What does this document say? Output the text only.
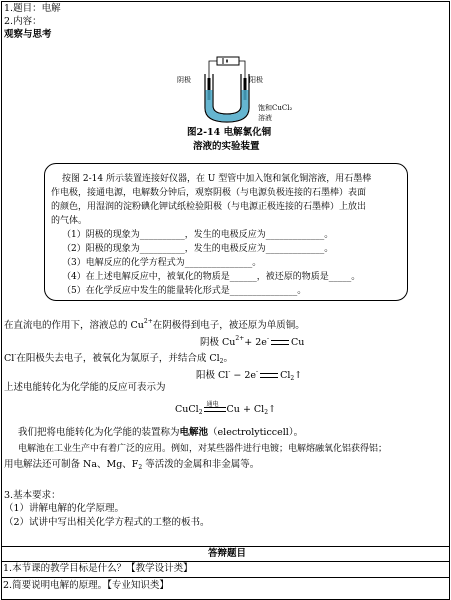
1.题目：电解
2.内容：
观察与思考
阴极	阳极
饱和CuCl₂
溶液
图2-14 电解氯化铜
溶液的实验装置
按图 2-14 所示装置连接好仪器，在 U 型管中加入饱和氯化铜溶液，用石墨棒
作电极，接通电源，电解数分钟后，观察阴极（与电源负极连接的石墨棒）表面
的颜色，用湿润的淀粉碘化钾试纸检验阳极（与电源正极连接的石墨棒）上放出
的气体。
（1）阴极的现象为__________，发生的电极反应为_____________。
（2）阳极的现象为__________，发生的电极反应为_____________。
（3）电解反应的化学方程式为_______________。
（4）在上述电解反应中，被氧化的物质是______，被还原的物质是_____。
（5）在化学反应中发生的能量转化形式是_______________。
在直流电的作用下，溶液总的 $Cu^{2+}$在阴极得到电子，被还原为单质铜。
阴极 $Cu^{2+}+ 2e^-$ Cu
Cl-在阳极失去电子，被氧化为氯原子，并结合成 $Cl_2$。
阳极 Cl- − 2e- $Cl_2↑$
上述电能转化为化学能的反应可表示为
CuCl$_2$
通电 $Cu + Cl_2↑$
我们把将电能转化为化学能的装置称为电解池（electrolyticcell）。
电解池在工业生产中有着广泛的应用。例如，对某些器件进行电镀；电解熔融氧化铝获得铝；
用电解法还可制备 Na、Mg、$F_2$ 等活泼的金属和非金属等。
3.基本要求：
（1）讲解电解的化学原理。
（2）试讲中写出相关化学方程式的工整的板书。
答辩题目
1.本节课的教学目标是什么？【教学设计类】
2.简要说明电解的原理。【专业知识类】
